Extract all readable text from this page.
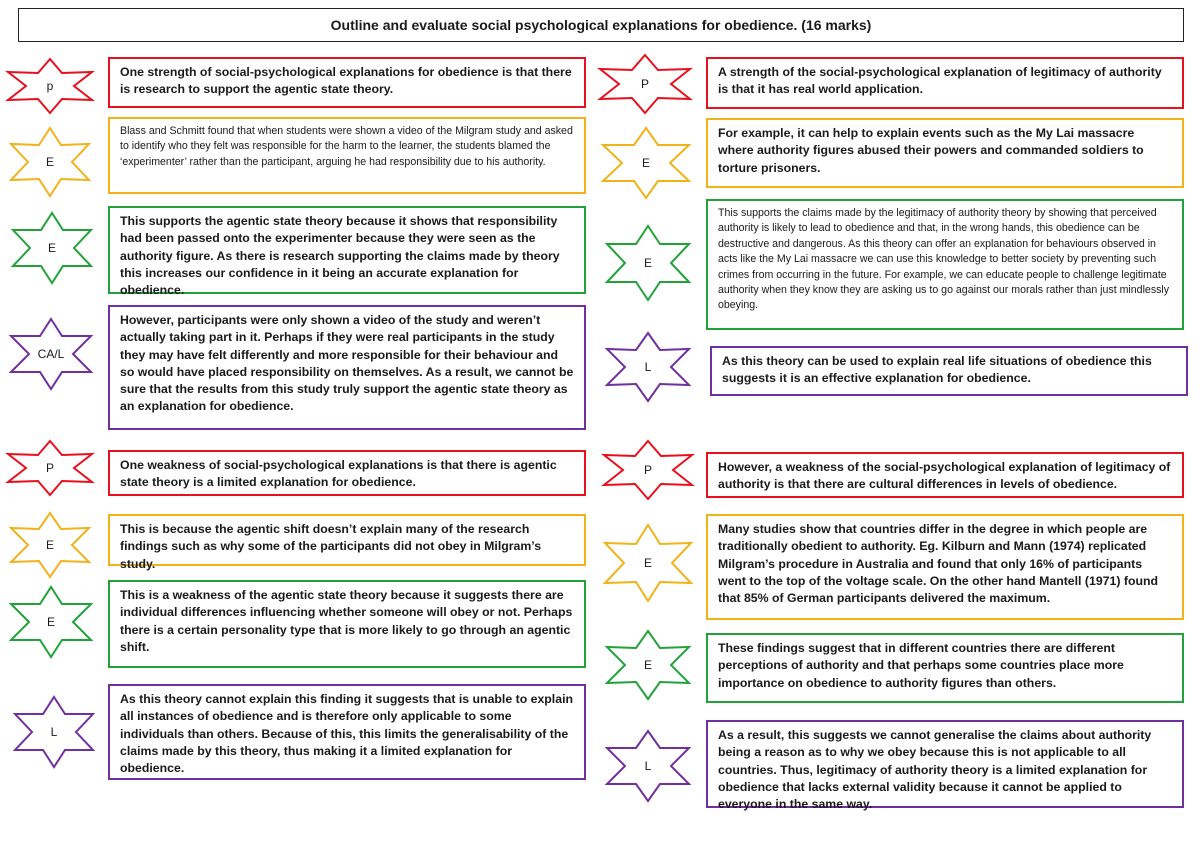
Outline and evaluate social psychological explanations for obedience. (16 marks)
p
One strength of social-psychological explanations for obedience is that there is research to support the agentic state theory.
E
Blass and Schmitt found that when students were shown a video of the Milgram study and asked to identify who they felt was responsible for the harm to the learner, the students blamed the ‘experimenter’ rather than the participant, arguing he had responsibility due to his authority.
E
This supports the agentic state theory because it shows that responsibility had been passed onto the experimenter because they were seen as the authority figure. As there is research supporting the claims made by theory this increases our confidence in it being an accurate explanation for obedience.
CA/L
However, participants were only shown a video of the study and weren’t actually taking part in it. Perhaps if they were real participants in the study they may have felt differently and more responsible for their behaviour and so would have placed responsibility on themselves. As a result, we cannot be sure that the results from this study truly support the agentic state theory as an explanation for obedience.
P	One weakness of social-psychological explanations is that there is agentic state theory is a limited explanation for obedience.
E
This is because the agentic shift doesn’t explain many of the research findings such as why some of the participants did not obey in Milgram’s study.
E
This is a weakness of the agentic state theory because it suggests there are individual differences influencing whether someone will obey or not. Perhaps there is a certain personality type that is more likely to go through an agentic shift.
L
As this theory cannot explain this finding it suggests that is unable to explain all instances of obedience and is therefore only applicable to some individuals than others. Because of this, this limits the generalisability of the claims made by this theory, thus making it a limited explanation for obedience.
P
A strength of the social-psychological explanation of legitimacy of authority is that it has real world application.
E
For example, it can help to explain events such as the My Lai massacre where authority figures abused their powers and commanded soldiers to torture prisoners.
E
This supports the claims made by the legitimacy of authority theory by showing that perceived authority is likely to lead to obedience and that, in the wrong hands, this obedience can be destructive and dangerous. As this theory can offer an explanation for behaviours observed in acts like the My Lai massacre we can use this knowledge to better society by preventing such crimes from occurring in the future. For example, we can educate people to challenge legitimate authority when they know they are asking us to go against our morals rather than just mindlessly obeying.
L	As this theory can be used to explain real life situations of obedience this suggests it is an effective explanation for obedience.
P	However, a weakness of the social-psychological explanation of legitimacy of authority is that there are cultural differences in levels of obedience.
E
Many studies show that countries differ in the degree in which people are traditionally obedient to authority. Eg. Kilburn and Mann (1974) replicated Milgram’s procedure in Australia and found that only 16% of participants went to the top of the voltage scale. On the other hand Mantell (1971) found that 85% of German participants delivered the maximum.
E
These findings suggest that in different countries there are different perceptions of authority and that perhaps some countries place more importance on obedience to authority figures than others.
L
As a result, this suggests we cannot generalise the claims about authority being a reason as to why we obey because this is not applicable to all countries. Thus, legitimacy of authority theory is a limited explanation for obedience that lacks external validity because it cannot be applied to everyone in the same way.
